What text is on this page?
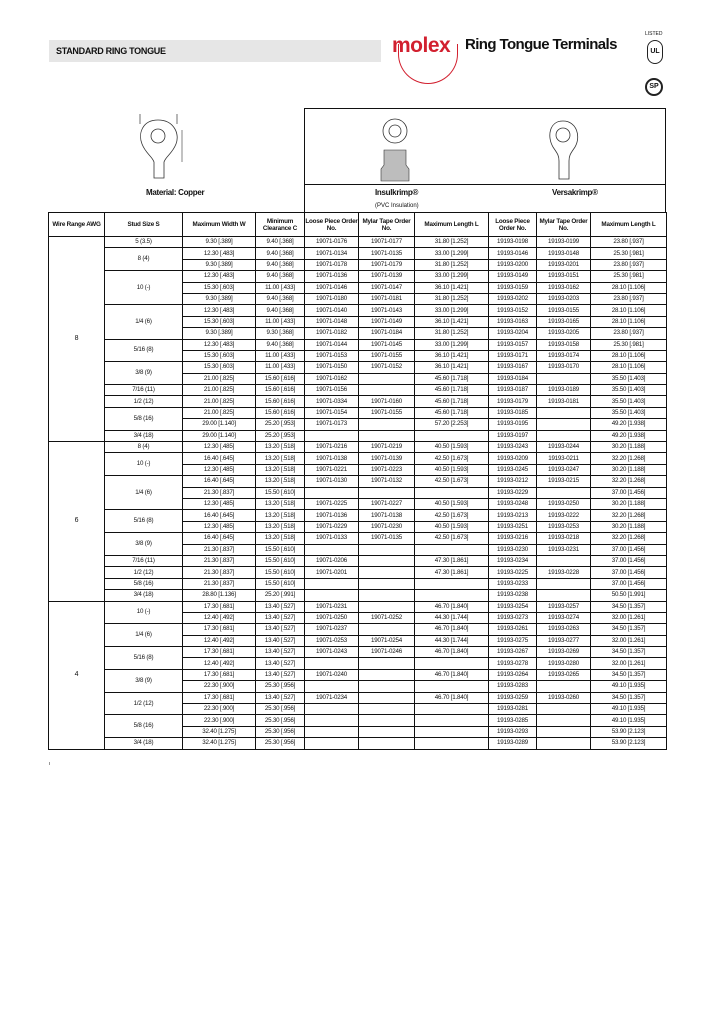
STANDARD RING TONGUE	molex Ring Tongue Terminals
LISTED
UL
SP
Material: Copper	Insulkrimp®
(PVC Insulation)
Versakrimp®
Wire Range AWG	Stud Size S	Maximum Width W	Minimum Clearance C	Loose Piece Order No.	Mylar Tape Order No.	Maximum Length L	Loose Piece Order No.	Mylar Tape Order No.	Maximum Length L
8	5 (3.5)	9.30 [.389]	9.40 [.368]	19071-0176	19071-0177	31.80 [1.252]	19193-0198	19193-0199	23.80 [.937]
	8 (4)	12.30 [.483]	9.40 [.368]	19071-0134	19071-0135	33.00 [1.299]	19193-0146	19193-0148	25.30 [.981]
		9.30 [.389]	9.40 [.368]	19071-0178	19071-0179	31.80 [1.252]	19193-0200	19193-0201	23.80 [.937]
	10 (-)	12.30 [.483]	9.40 [.368]	19071-0136	19071-0139	33.00 [1.299]	19193-0149	19193-0151	25.30 [.981]
		15.30 [.603]	11.00 [.433]	19071-0146	19071-0147	36.10 [1.421]	19193-0159	19193-0162	28.10 [1.106]
		9.30 [.389]	9.40 [.368]	19071-0180	19071-0181	31.80 [1.252]	19193-0202	19193-0203	23.80 [.937]
	1/4 (6)	12.30 [.483]	9.40 [.368]	19071-0140	19071-0143	33.00 [1.299]	19193-0152	19193-0155	28.10 [1.106]
		15.30 [.603]	11.00 [.433]	19071-0148	19071-0149	36.10 [1.421]	19193-0163	19193-0165	28.10 [1.106]
		9.30 [.389]	9.30 [.368]	19071-0182	19071-0184	31.80 [1.252]	19193-0204	19193-0205	23.80 [.937]
	5/16 (8)	12.30 [.483]	9.40 [.368]	19071-0144	19071-0145	33.00 [1.299]	19193-0157	19193-0158	25.30 [.981]
		15.30 [.603]	11.00 [.433]	19071-0153	19071-0155	36.10 [1.421]	19193-0171	19193-0174	28.10 [1.106]
	3/8 (9)	15.30 [.603]	11.00 [.433]	19071-0150	19071-0152	36.10 [1.421]	19193-0167	19193-0170	28.10 [1.106]
		21.00 [.825]	15.60 [.616]	19071-0162		45.60 [1.718]	19193-0184		35.50 [1.403]
	7/16 (11)	21.00 [.825]	15.60 [.616]	19071-0156		45.60 [1.718]	19193-0187	19193-0189	35.50 [1.403]
	1/2 (12)	21.00 [.825]	15.60 [.616]	19071-0334	19071-0160	45.60 [1.718]	19193-0179	19193-0181	35.50 [1.403]
	5/8 (16)	21.00 [.825]	15.60 [.616]	19071-0154	19071-0155	45.60 [1.718]	19193-0185		35.50 [1.403]
		29.00 [1.140]	25.20 [.953]	19071-0173		57.20 [2.253]	19193-0195		49.20 [1.938]
	3/4 (18)	29.00 [1.140]	25.20 [.953]				19193-0197		49.20 [1.938]
6	8 (4)	12.30 [.485]	13.20 [.518]	19071-0216	19071-0219	40.50 [1.593]	19193-0243	19193-0244	30.20 [1.188]
	10 (-)	16.40 [.645]	13.20 [.518]	19071-0138	19071-0139	42.50 [1.673]	19193-0209	19193-0211	32.20 [1.268]
		12.30 [.485]	13.20 [.518]	19071-0221	19071-0223	40.50 [1.593]	19193-0245	19193-0247	30.20 [1.188]
	1/4 (6)	16.40 [.645]	13.20 [.518]	19071-0130	19071-0132	42.50 [1.673]	19193-0212	19193-0215	32.20 [1.268]
		21.30 [.837]	15.50 [.610]				19193-0229		37.00 [1.456]
		12.30 [.485]	13.20 [.518]	19071-0225	19071-0227	40.50 [1.593]	19193-0248	19193-0250	30.20 [1.188]
	5/16 (8)	16.40 [.645]	13.20 [.518]	19071-0136	19071-0138	42.50 [1.673]	19193-0213	19193-0222	32.20 [1.268]
		12.30 [.485]	13.20 [.518]	19071-0229	19071-0230	40.50 [1.593]	19193-0251	19193-0253	30.20 [1.188]
	3/8 (9)	16.40 [.645]	13.20 [.518]	19071-0133	19071-0135	42.50 [1.673]	19193-0216	19193-0218	32.20 [1.268]
		21.30 [.837]	15.50 [.610]				19193-0230	19193-0231	37.00 [1.456]
	7/16 (11)	21.30 [.837]	15.50 [.610]	19071-0206		47.30 [1.861]	19193-0234		37.00 [1.456]
	1/2 (12)	21.30 [.837]	15.50 [.610]	19071-0201		47.30 [1.861]	19193-0225	19193-0228	37.00 [1.456]
	5/8 (16)	21.30 [.837]	15.50 [.610]				19193-0233		37.00 [1.456]
	3/4 (18)	28.80 [1.136]	25.20 [.991]				19193-0238		50.50 [1.991]
4	10 (-)	17.30 [.681]	13.40 [.527]	19071-0231		46.70 [1.840]	19193-0254	19193-0257	34.50 [1.357]
		12.40 [.492]	13.40 [.527]	19071-0250	19071-0252	44.30 [1.744]	19193-0273	19193-0274	32.00 [1.261]
	1/4 (6)	17.30 [.681]	13.40 [.527]	19071-0237		46.70 [1.840]	19193-0261	19193-0263	34.50 [1.357]
		12.40 [.492]	13.40 [.527]	19071-0253	19071-0254	44.30 [1.744]	19193-0275	19193-0277	32.00 [1.261]
	5/16 (8)	17.30 [.681]	13.40 [.527]	19071-0243	19071-0246	46.70 [1.840]	19193-0267	19193-0269	34.50 [1.357]
		12.40 [.492]	13.40 [.527]				19193-0278	19193-0280	32.00 [1.261]
	3/8 (9)	17.30 [.681]	13.40 [.527]	19071-0240		46.70 [1.840]	19193-0264	19193-0265	34.50 [1.357]
		22.30 [.900]	25.30 [.956]				19193-0283		49.10 [1.935]
	1/2 (12)	17.30 [.681]	13.40 [.527]	19071-0234		46.70 [1.840]	19193-0259	19193-0260	34.50 [1.357]
		22.30 [.900]	25.30 [.956]				19193-0281		49.10 [1.935]
	5/8 (16)	22.30 [.900]	25.30 [.956]				19193-0285		49.10 [1.935]
		32.40 [1.275]	25.30 [.956]				19193-0293		53.90 [2.123]
	3/4 (18)	32.40 [1.275]	25.30 [.956]				19193-0289		53.90 [2.123]
